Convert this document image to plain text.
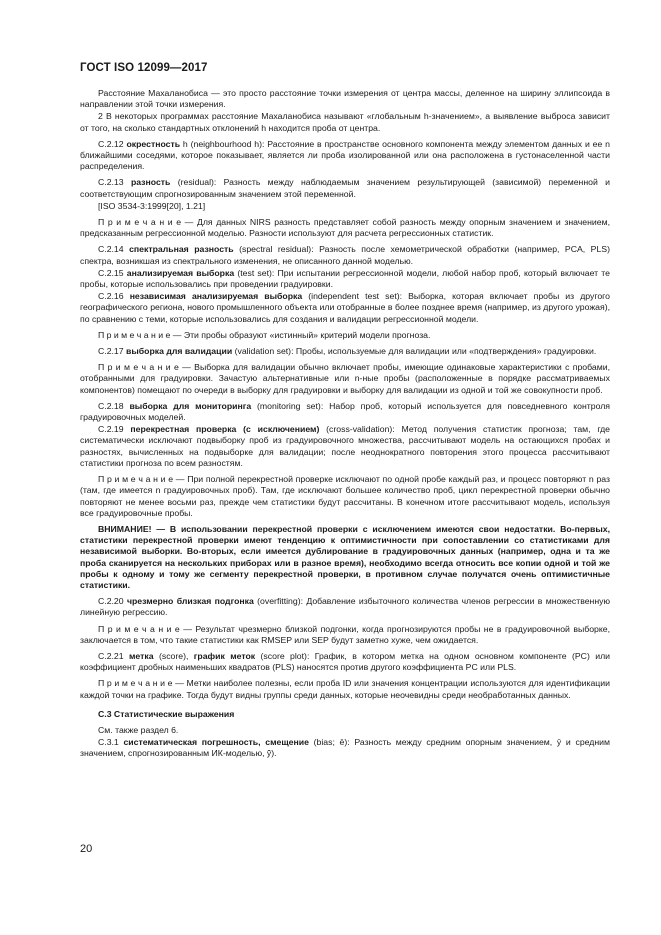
ГОСТ ISO 12099—2017

Расстояние Махаланобиса — это просто расстояние точки измерения от центра массы, деленное на ширину эллипсоида в направлении этой точки измерения.

2 В некоторых программах расстояние Махаланобиса называют «глобальным h-значением», а выявление выброса зависит от того, на сколько стандартных отклонений h находится проба от центра.

C.2.12 окрестность h (neighbourhood h): Расстояние в пространстве основного компонента между элементом данных и ее n ближайшими соседями, которое показывает, является ли проба изолированной или она расположена в густонаселенной части распределения.

C.2.13 разность (residual): Разность между наблюдаемым значением результирующей (зависимой) переменной и соответствующим спрогнозированным значением этой переменной.

[ISO 3534-3:1999[20], 1.21]

П р и м е ч а н и е — Для данных NIRS разность представляет собой разность между опорным значением и значением, предсказанным регрессионной моделью. Разности используют для расчета регрессионных статистик.

C.2.14 спектральная разность (spectral residual): Разность после хемометрической обработки (например, PCA, PLS) спектра, возникшая из спектрального изменения, не описанного данной моделью.

C.2.15 анализируемая выборка (test set): При испытании регрессионной модели, любой набор проб, который включает те пробы, которые использовались при проведении градуировки.

C.2.16 независимая анализируемая выборка (independent test set): Выборка, которая включает пробы из другого географического региона, нового промышленного объекта или отобранные в более позднее время (например, из другого урожая), по сравнению с теми, которые использовались для создания и валидации регрессионной модели.

П р и м е ч а н и е — Эти пробы образуют «истинный» критерий модели прогноза.

C.2.17 выборка для валидации (validation set): Пробы, используемые для валидации или «подтверждения» градуировки.

П р и м е ч а н и е — Выборка для валидации обычно включает пробы, имеющие одинаковые характеристики с пробами, отобранными для градуировки. Зачастую альтернативные или n-ные пробы (расположенные в порядке рассматриваемых компонентов) помещают по очереди в выборку для градуировки и выборку для валидации из одной и той же совокупности проб.

C.2.18 выборка для мониторинга (monitoring set): Набор проб, который используется для повседневного контроля градуировочных моделей.

C.2.19 перекрестная проверка (с исключением) (cross-validation): Метод получения статистик прогноза; там, где систематически исключают подвыборку проб из градуировочного множества, рассчитывают модель на остающихся пробах и разностях, вычисленных на подвыборке для валидации; после неоднократного повторения этого процесса рассчитывают статистики прогноза по всем разностям.

П р и м е ч а н и е — При полной перекрестной проверке исключают по одной пробе каждый раз, и процесс повторяют n раз (там, где имеется n градуировочных проб). Там, где исключают большее количество проб, цикл перекрестной проверки обычно повторяют не менее восьми раз, прежде чем статистики будут рассчитаны. В конечном итоге рассчитывают модель, используя все градуировочные пробы.

ВНИМАНИЕ! — В использовании перекрестной проверки с исключением имеются свои недостатки. Во-первых, статистики перекрестной проверки имеют тенденцию к оптимистичности при сопоставлении со статистиками для независимой выборки. Во-вторых, если имеется дублирование в градуировочных данных (например, одна и та же проба сканируется на нескольких приборах или в разное время), необходимо всегда относить все копии одной и той же пробы к одному и тому же сегменту перекрестной проверки, в противном случае получатся очень оптимистичные статистики.

C.2.20 чрезмерно близкая подгонка (overfitting): Добавление избыточного количества членов регрессии в множественную линейную регрессию.

П р и м е ч а н и е — Результат чрезмерно близкой подгонки, когда прогнозируются пробы не в градуировочной выборке, заключается в том, что такие статистики как RMSEP или SEP будут заметно хуже, чем ожидается.

C.2.21 метка (score), график меток (score plot): График, в котором метка на одном основном компоненте (PC) или коэффициент дробных наименьших квадратов (PLS) наносятся против другого коэффициента PC или PLS.

П р и м е ч а н и е — Метки наиболее полезны, если проба ID или значения концентрации используются для идентификации каждой точки на графике. Тогда будут видны группы среди данных, которые неочевидны среди необработанных данных.

С.3 Статистические выражения

См. также раздел 6.

C.3.1 систематическая погрешность, смещение (bias; ē): Разность между средним опорным значением, ȳ и средним значением, спрогнозированным ИК-моделью, ŷ̄).

20
